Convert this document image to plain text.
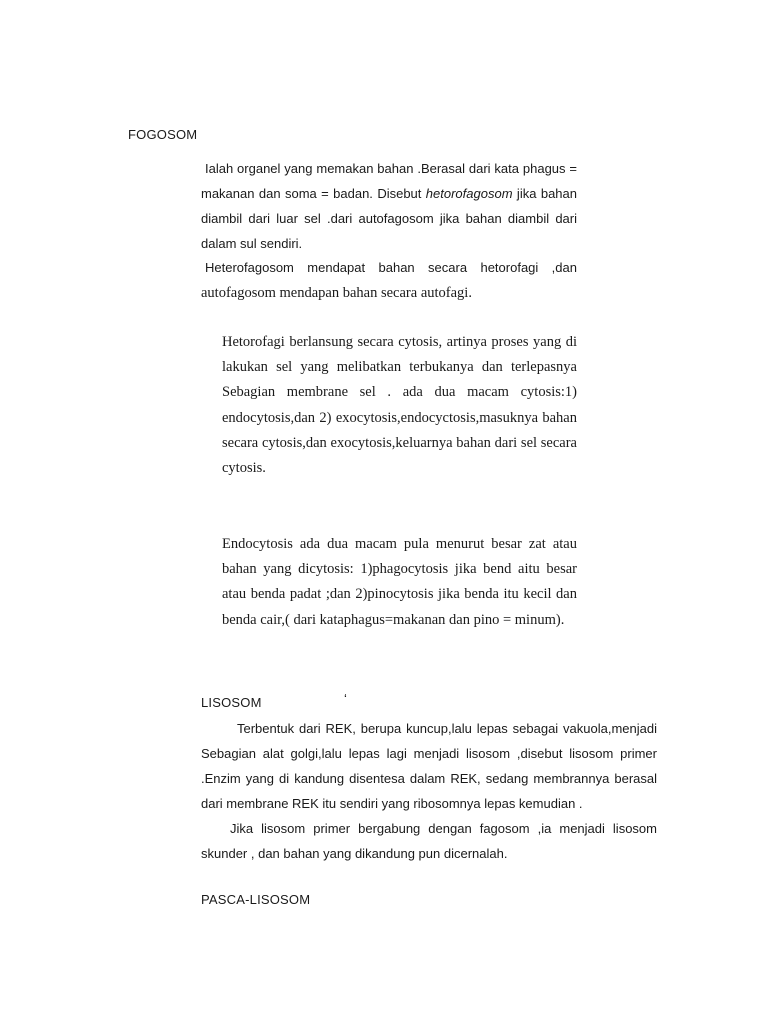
FOGOSOM

Ialah organel yang memakan bahan .Berasal dari kata phagus = makanan dan soma = badan. Disebut hetorofagosom jika bahan diambil dari luar sel .dari autofagosom jika bahan diambil dari dalam sul sendiri.

Heterofagosom mendapat bahan secara hetorofagi ,dan

autofagosom mendapan bahan secara autofagi.

Hetorofagi berlansung secara cytosis, artinya proses yang di lakukan sel yang melibatkan terbukanya dan terlepasnya Sebagian membrane sel . ada dua macam cytosis:1) endocytosis,dan 2) exocytosis,endocyctosis,masuknya bahan secara cytosis,dan exocytosis,keluarnya bahan dari sel secara cytosis.

Endocytosis ada dua macam pula menurut besar zat atau bahan yang dicytosis: 1)phagocytosis jika bend aitu besar atau benda padat ;dan 2)pinocytosis jika benda itu kecil dan benda cair,( dari kataphagus=makanan dan pino = minum).

LISOSOM	‘

Terbentuk dari REK, berupa kuncup,lalu lepas sebagai vakuola,menjadi Sebagian alat golgi,lalu lepas lagi menjadi lisosom ,disebut lisosom primer .Enzim yang di kandung disentesa dalam REK, sedang membrannya berasal dari membrane REK itu sendiri yang ribosomnya lepas kemudian .

Jika lisosom primer bergabung dengan fagosom ,ia menjadi lisosom skunder , dan bahan yang dikandung pun dicernalah.

PASCA-LISOSOM
